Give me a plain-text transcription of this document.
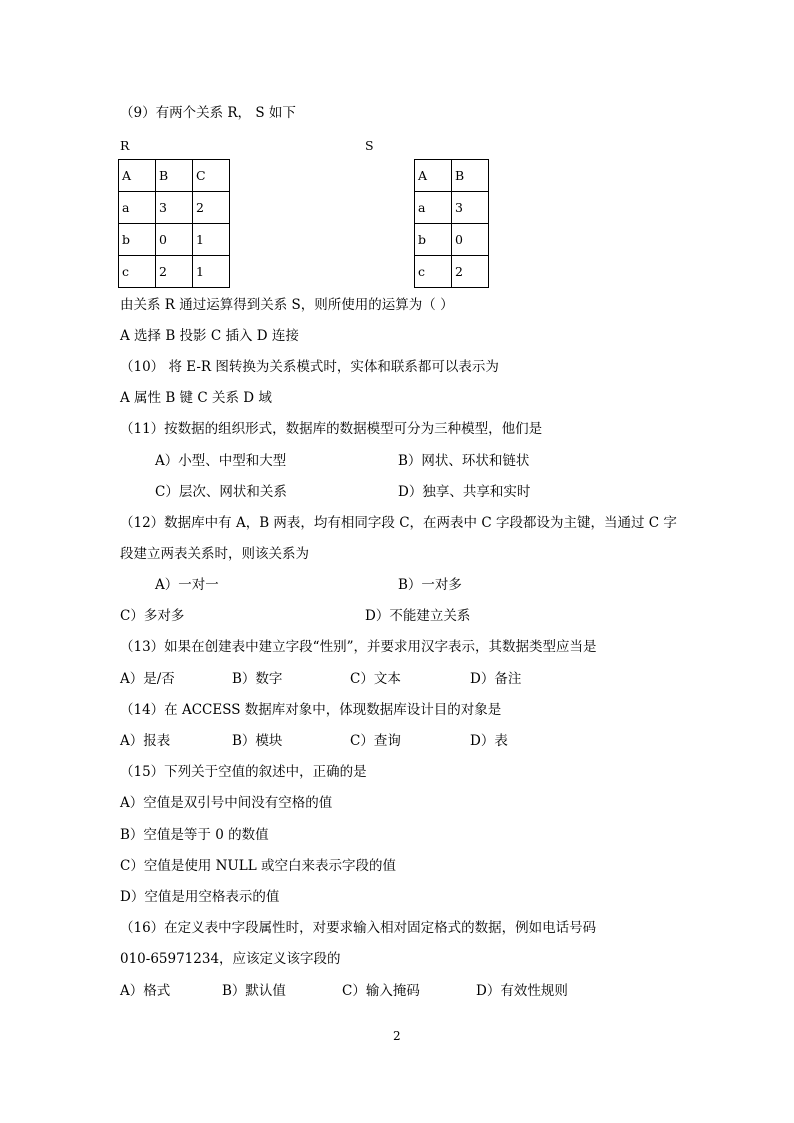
（9）有两个关系 R， S 如下
R	S
A	B	C
a	3	2
b	0	1
c	2	1
A	B
a	3
b	0
c	2
由关系 R 通过运算得到关系 S，则所使用的运算为（ ）
A 选择 B 投影 C 插入 D 连接
（10） 将 E-R 图转换为关系模式时，实体和联系都可以表示为
A 属性 B 键 C 关系 D 域
（11）按数据的组织形式，数据库的数据模型可分为三种模型，他们是
A）小型、中型和大型	B）网状、环状和链状
C）层次、网状和关系	D）独享、共享和实时
（12）数据库中有 A，B 两表，均有相同字段 C，在两表中 C 字段都设为主键，当通过 C 字
段建立两表关系时，则该关系为
A）一对一	B）一对多
C）多对多	D）不能建立关系
（13）如果在创建表中建立字段“性别”，并要求用汉字表示，其数据类型应当是
A）是/否	B）数字	C）文本	D）备注
（14）在 ACCESS 数据库对象中，体现数据库设计目的对象是
A）报表	B）模块	C）查询	D）表
（15）下列关于空值的叙述中，正确的是
A）空值是双引号中间没有空格的值
B）空值是等于 0 的数值
C）空值是使用 NULL 或空白来表示字段的值
D）空值是用空格表示的值
（16）在定义表中字段属性时，对要求输入相对固定格式的数据，例如电话号码
010-65971234，应该定义该字段的
A）格式	B）默认值	C）输入掩码	D）有效性规则
2
